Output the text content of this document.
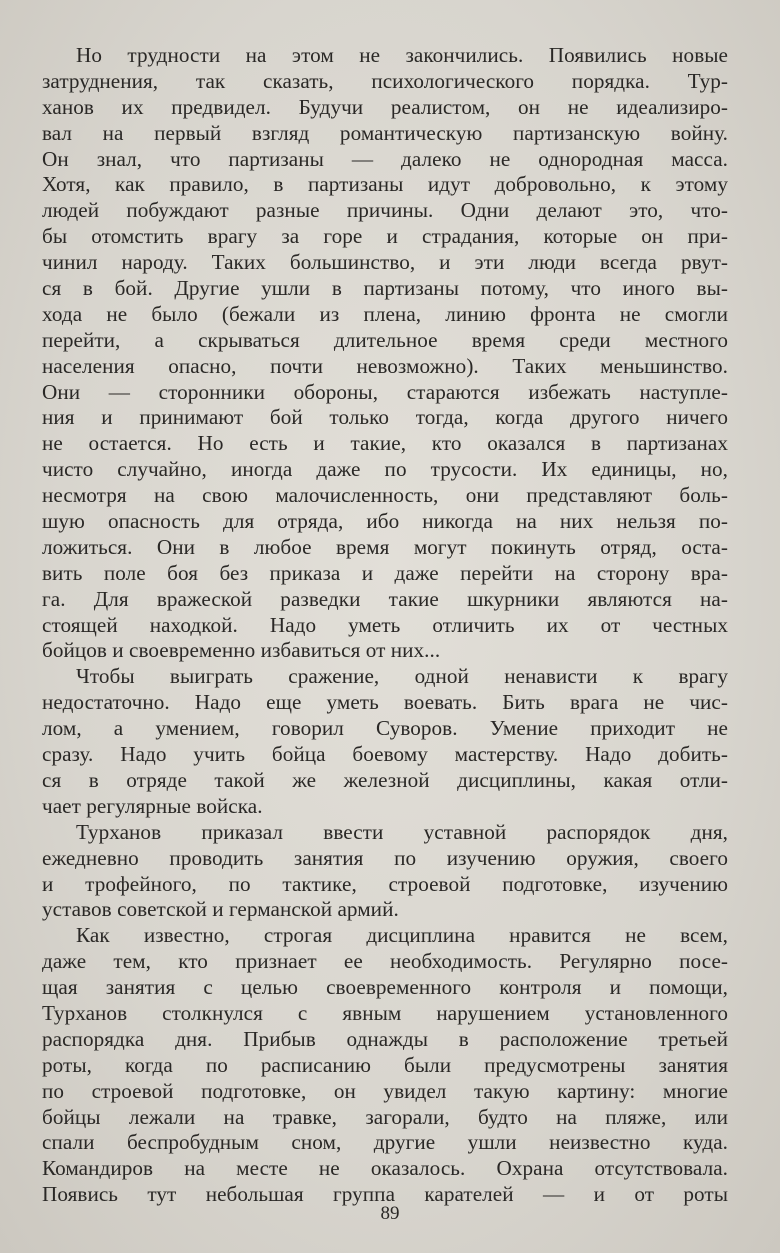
Но трудности на этом не закончились. Появились новые
затруднения, так сказать, психологического порядка. Тур-
ханов их предвидел. Будучи реалистом, он не идеализиро-
вал на первый взгляд романтическую партизанскую войну.
Он знал, что партизаны — далеко не однородная масса.
Хотя, как правило, в партизаны идут добровольно, к этому
людей побуждают разные причины. Одни делают это, что-
бы отомстить врагу за горе и страдания, которые он при-
чинил народу. Таких большинство, и эти люди всегда рвут-
ся в бой. Другие ушли в партизаны потому, что иного вы-
хода не было (бежали из плена, линию фронта не смогли
перейти, а скрываться длительное время среди местного
населения опасно, почти невозможно). Таких меньшинство.
Они — сторонники обороны, стараются избежать наступле-
ния и принимают бой только тогда, когда другого ничего
не остается. Но есть и такие, кто оказался в партизанах
чисто случайно, иногда даже по трусости. Их единицы, но,
несмотря на свою малочисленность, они представляют боль-
шую опасность для отряда, ибо никогда на них нельзя по-
ложиться. Они в любое время могут покинуть отряд, оста-
вить поле боя без приказа и даже перейти на сторону вра-
га. Для вражеской разведки такие шкурники являются на-
стоящей находкой. Надо уметь отличить их от честных
бойцов и своевременно избавиться от них...
Чтобы выиграть сражение, одной ненависти к врагу
недостаточно. Надо еще уметь воевать. Бить врага не чис-
лом, а умением, говорил Суворов. Умение приходит не
сразу. Надо учить бойца боевому мастерству. Надо добить-
ся в отряде такой же железной дисциплины, какая отли-
чает регулярные войска.
Турханов приказал ввести уставной распорядок дня,
ежедневно проводить занятия по изучению оружия, своего
и трофейного, по тактике, строевой подготовке, изучению
уставов советской и германской армий.
Как известно, строгая дисциплина нравится не всем,
даже тем, кто признает ее необходимость. Регулярно посе-
щая занятия с целью своевременного контроля и помощи,
Турханов столкнулся с явным нарушением установленного
распорядка дня. Прибыв однажды в расположение третьей
роты, когда по расписанию были предусмотрены занятия
по строевой подготовке, он увидел такую картину: многие
бойцы лежали на травке, загорали, будто на пляже, или
спали беспробудным сном, другие ушли неизвестно куда.
Командиров на месте не оказалось. Охрана отсутствовала.
Появись тут небольшая группа карателей — и от роты
89
